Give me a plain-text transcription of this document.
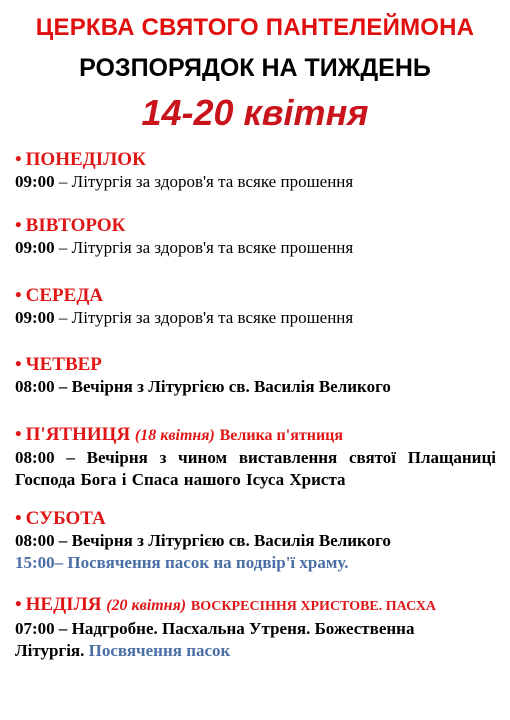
ЦЕРКВА СВЯТОГО ПАНТЕЛЕЙМОНА
РОЗПОРЯДОК НА ТИЖДЕНЬ
14-20 квітня
• ПОНЕДІЛОК
09:00 – Літургія за здоров'я та всяке прошення
• ВІВТОРОК
09:00 – Літургія за здоров'я та всяке прошення
• СЕРЕДА
09:00 – Літургія за здоров'я та всяке прошення
• ЧЕТВЕР
08:00 – Вечірня з Літургією св. Василія Великого
• П'ЯТНИЦЯ (18 квітня) Велика п'ятниця
08:00 – Вечірня з чином виставлення святої Плащаниці Господа Бога і Спаса нашого Ісуса Христа
• СУБОТА
08:00 – Вечірня з Літургією св. Василія Великого
15:00– Посвячення пасок на подвір'ї храму.
• НЕДІЛЯ (20 квітня) ВОСКРЕСІННЯ ХРИСТОВЕ. ПАСХА
07:00 – Надгробне. Пасхальна Утреня. Божественна
Літургія. Посвячення пасок
